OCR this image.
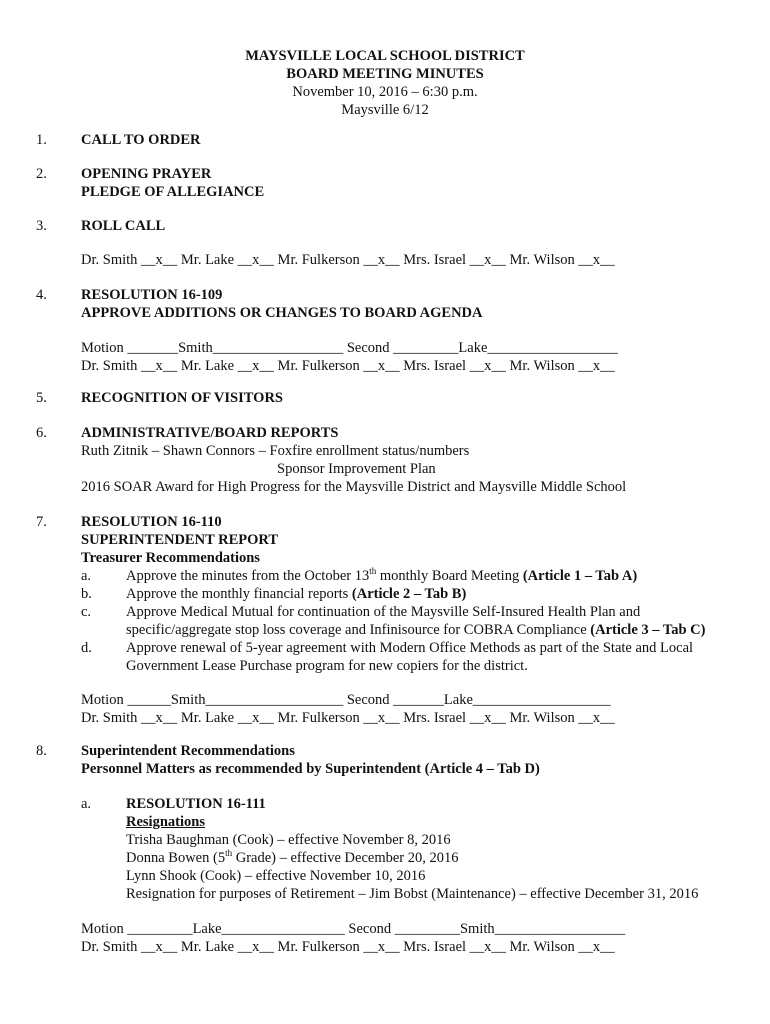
MAYSVILLE LOCAL SCHOOL DISTRICT
BOARD MEETING MINUTES
November 10, 2016 – 6:30 p.m.
Maysville 6/12
1. CALL TO ORDER
2. OPENING PRAYER
PLEDGE OF ALLEGIANCE
3. ROLL CALL
Dr. Smith __x__ Mr. Lake __x__ Mr. Fulkerson __x__ Mrs. Israel __x__ Mr. Wilson __x__
4. RESOLUTION 16-109
APPROVE ADDITIONS OR CHANGES TO BOARD AGENDA
Motion _______Smith__________________ Second _________Lake__________________
Dr. Smith __x__ Mr. Lake __x__ Mr. Fulkerson __x__ Mrs. Israel __x__ Mr. Wilson __x__
5. RECOGNITION OF VISITORS
6. ADMINISTRATIVE/BOARD REPORTS
Ruth Zitnik – Shawn Connors – Foxfire enrollment status/numbers
Sponsor Improvement Plan
2016 SOAR Award for High Progress for the Maysville District and Maysville Middle School
7. RESOLUTION 16-110
SUPERINTENDENT REPORT
Treasurer Recommendations
a. Approve the minutes from the October 13th monthly Board Meeting (Article 1 – Tab A)
b. Approve the monthly financial reports (Article 2 – Tab B)
c. Approve Medical Mutual for continuation of the Maysville Self-Insured Health Plan and
specific/aggregate stop loss coverage and Infinisource for COBRA Compliance (Article 3 – Tab C)
d. Approve renewal of 5-year agreement with Modern Office Methods as part of the State and Local
Government Lease Purchase program for new copiers for the district.
Motion ______Smith___________________ Second _______Lake___________________
Dr. Smith __x__ Mr. Lake __x__ Mr. Fulkerson __x__ Mrs. Israel __x__ Mr. Wilson __x__
8. Superintendent Recommendations
Personnel Matters as recommended by Superintendent (Article 4 – Tab D)
a. RESOLUTION 16-111
Resignations
Trisha Baughman (Cook) – effective November 8, 2016
Donna Bowen (5th Grade) – effective December 20, 2016
Lynn Shook (Cook) – effective November 10, 2016
Resignation for purposes of Retirement – Jim Bobst (Maintenance) – effective December 31, 2016
Motion _________Lake_________________ Second _________Smith__________________
Dr. Smith __x__ Mr. Lake __x__ Mr. Fulkerson __x__ Mrs. Israel __x__ Mr. Wilson __x__
